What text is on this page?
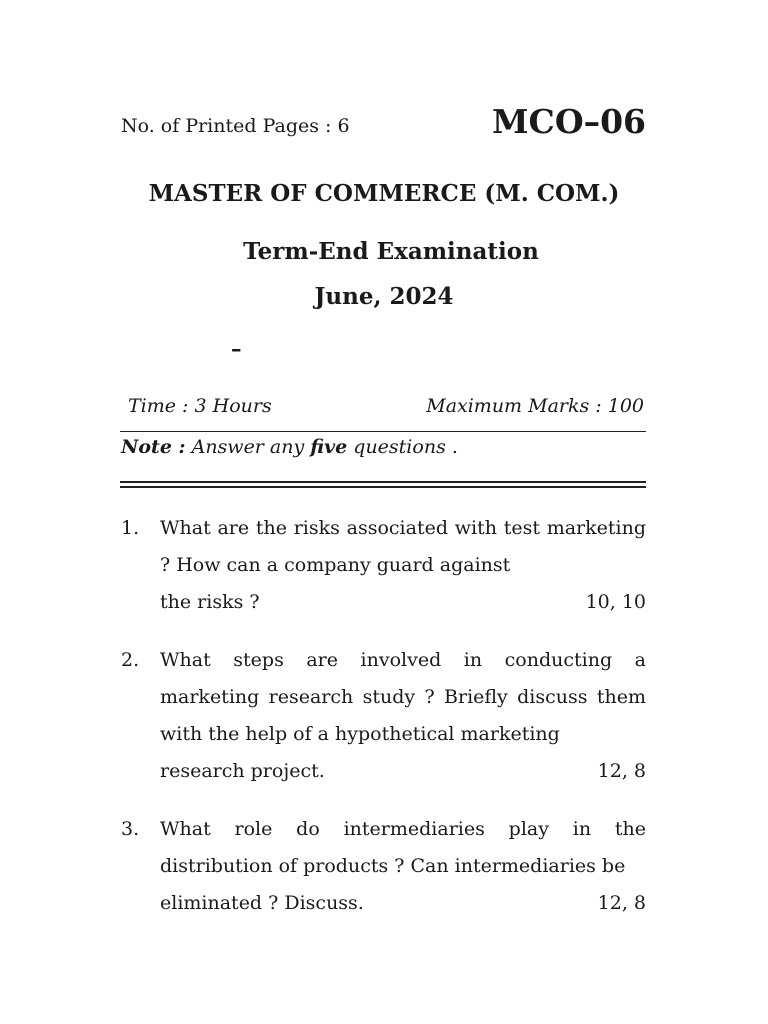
No. of Printed Pages : 6	MCO–06

MASTER OF COMMERCE (M. COM.)

Term-End Examination

June, 2024

–

Time : 3 Hours	Maximum Marks : 100

Note : Answer any five questions .

1. What are the risks associated with test marketing ? How can a company guard against
the risks ?	10, 10
2. What steps are involved in conducting a marketing research study ? Briefly discuss them with the help of a hypothetical marketing
research project.	12, 8
3. What role do intermediaries play in the distribution of products ? Can intermediaries be
eliminated ? Discuss.	12, 8
